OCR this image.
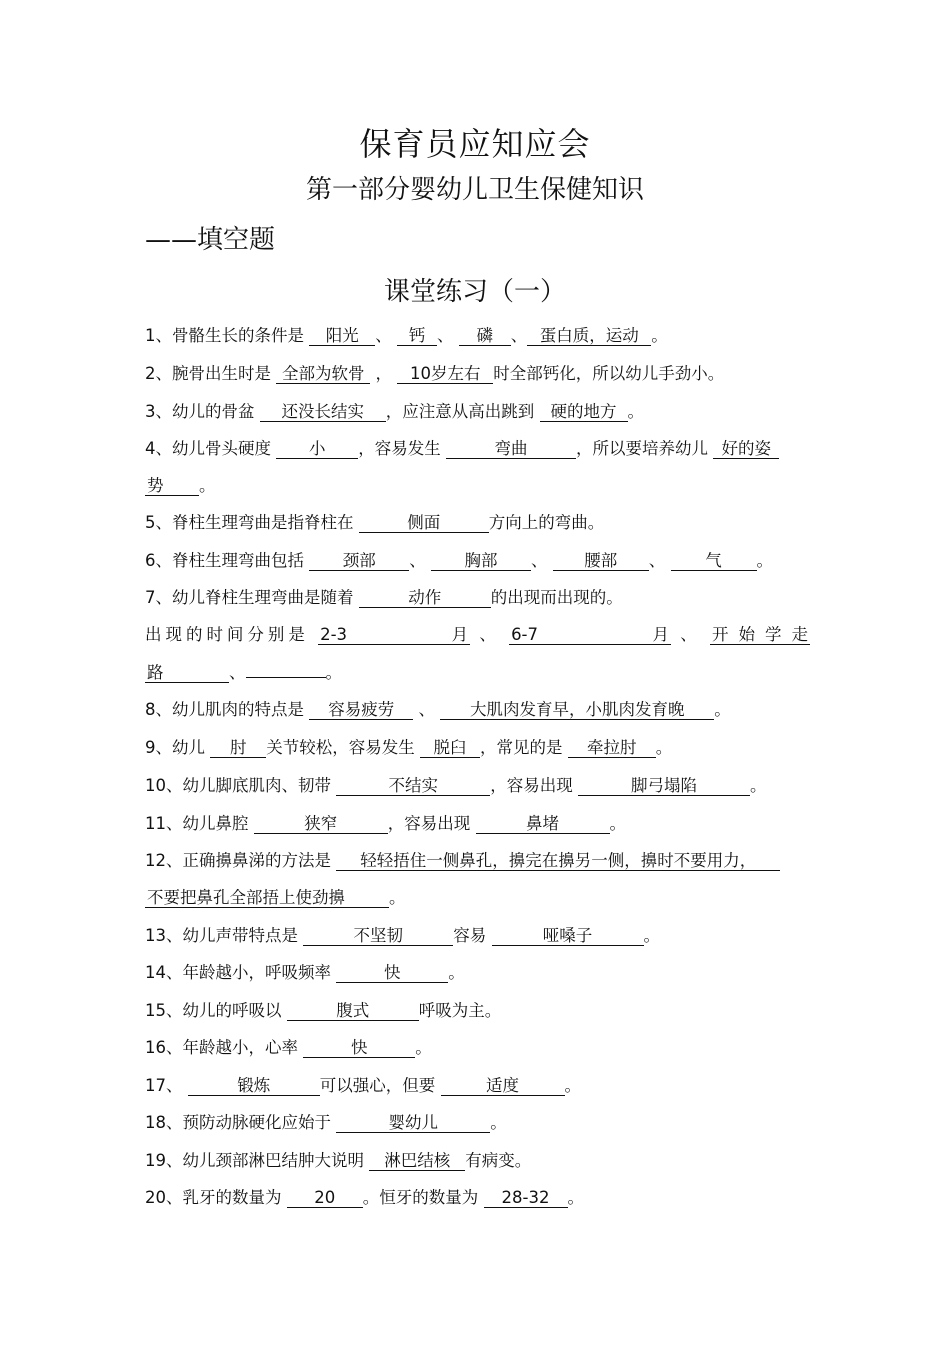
保育员应知应会
第一部分婴幼儿卫生保健知识
——填空题
课堂练习（一）
1、骨骼生长的条件是 阳光 、 钙 、 磷 、 蛋白质，运动 。
2、腕骨出生时是 全部为软骨 ， 10岁左右 时全部钙化，所以幼儿手劲小。
3、幼儿的骨盆 还没长结实 ，应注意从高出跳到 硬的地方 。
4、幼儿骨头硬度 小 ，容易发生	弯曲	，所以要培养幼儿 好的姿
势 。
5、脊柱生理弯曲是指脊柱在	侧面	方向上的弯曲。
6、脊柱生理弯曲包括 颈部 、 胸部 、 腰部 、 气 。
7、幼儿脊柱生理弯曲是随着	动作	的出现而出现的。
出现的时间分别是 2-3 月 、 6-7 月 、 开始学走
路	、	。
8、幼儿肌肉的特点是 容易疲劳 、 大肌肉发育早，小肌肉发育晚 。
9、幼儿 肘 关节较松，容易发生 脱臼 ，常见的是 牵拉肘 。
10、幼儿脚底肌肉、韧带	不结实	，容易出现	脚弓塌陷	。
11、幼儿鼻腔	狭窄	，容易出现	鼻堵	。
12、正确擤鼻涕的方法是 轻轻捂住一侧鼻孔，擤完在擤另一侧，擤时不要用力，
不要把鼻孔全部捂上使劲擤	。
13、幼儿声带特点是	不坚韧	容易	哑嗓子	。
14、年龄越小，呼吸频率	快	。
15、幼儿的呼吸以	腹式	呼吸为主。
16、年龄越小，心率	快	。
17、	锻炼	可以强心，但要	适度	。
18、预防动脉硬化应始于	婴幼儿	。
19、幼儿颈部淋巴结肿大说明 淋巴结核 有病变。
20、乳牙的数量为 20 。恒牙的数量为 28-32 。
